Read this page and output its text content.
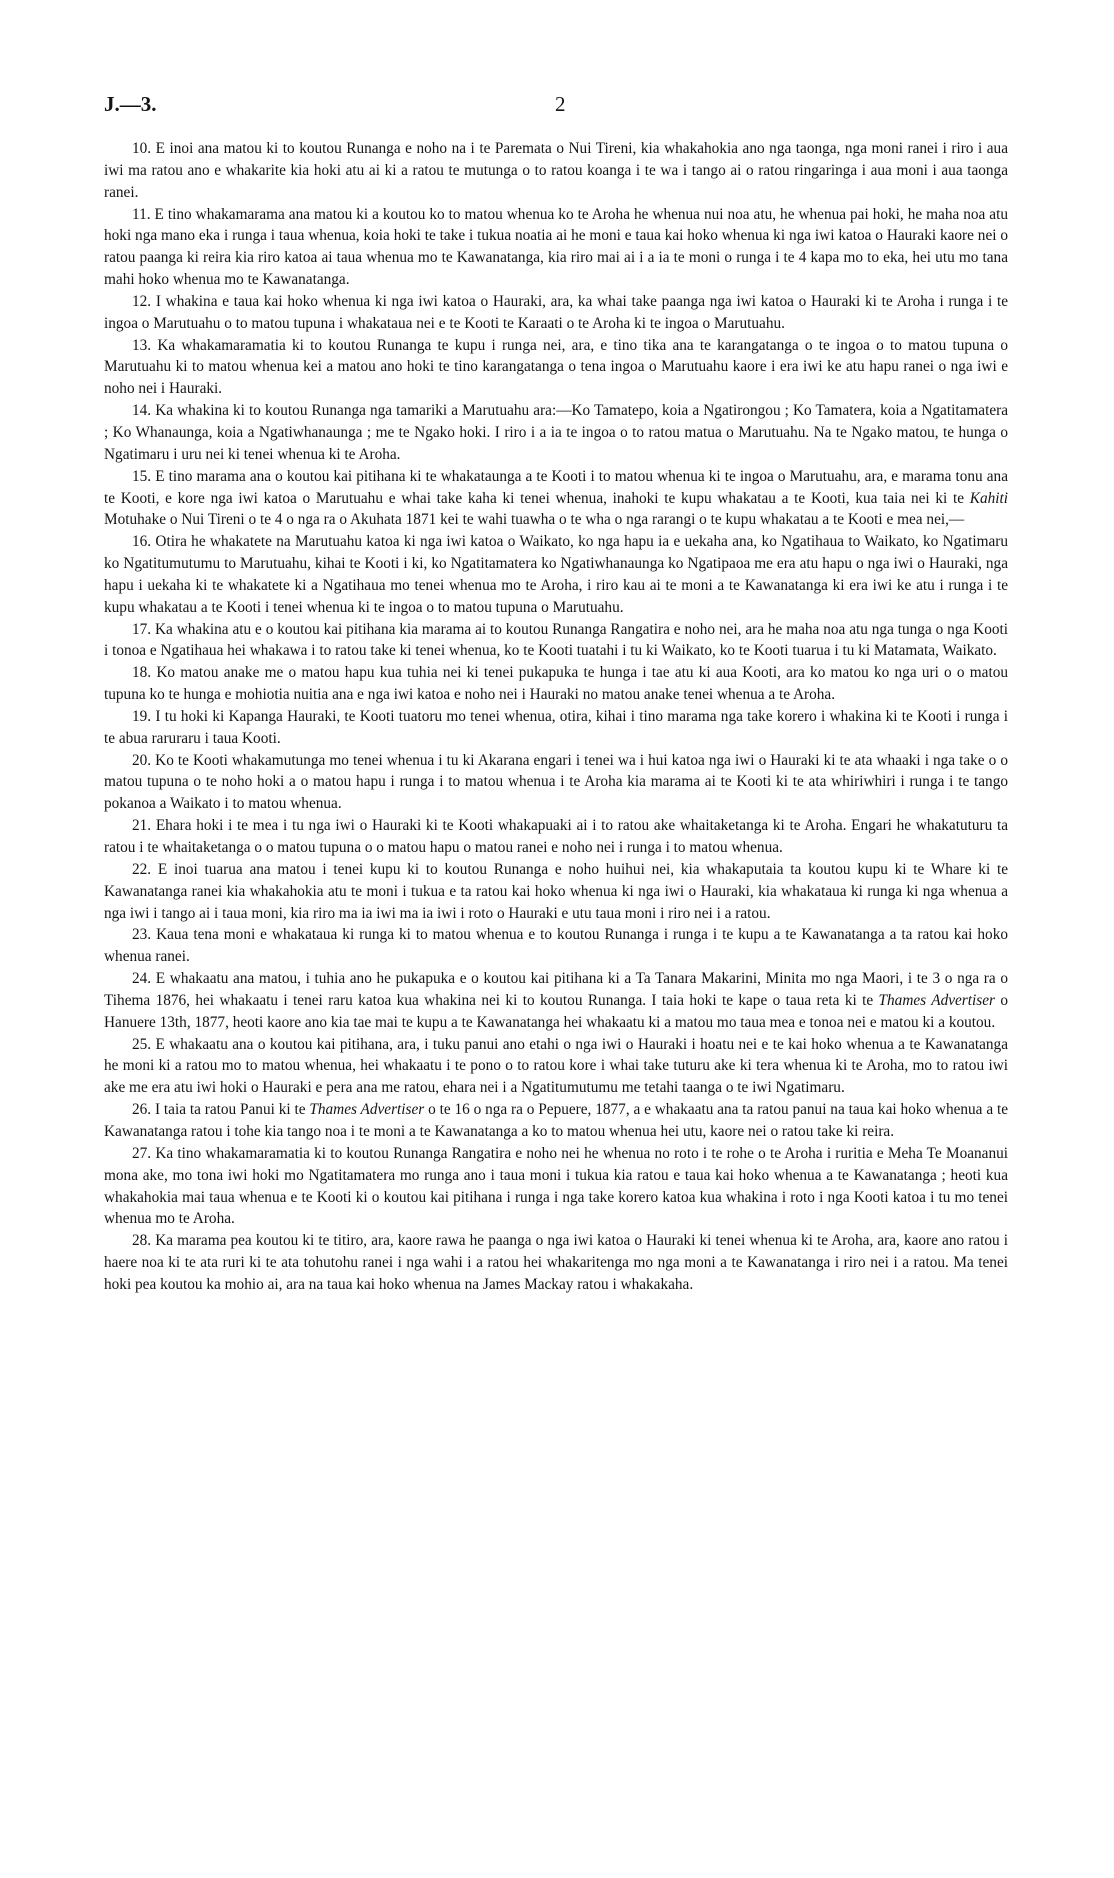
J.—3.	2

10. E inoi ana matou ki to koutou Runanga e noho na i te Paremata o Nui Tireni, kia whakahokia ano nga taonga, nga moni ranei i riro i aua iwi ma ratou ano e whakarite kia hoki atu ai ki a ratou te mutunga o to ratou koanga i te wa i tango ai o ratou ringaringa i aua moni i aua taonga ranei.

11. E tino whakamarama ana matou ki a koutou ko to matou whenua ko te Aroha he whenua nui noa atu, he whenua pai hoki, he maha noa atu hoki nga mano eka i runga i taua whenua, koia hoki te take i tukua noatia ai he moni e taua kai hoko whenua ki nga iwi katoa o Hauraki kaore nei o ratou paanga ki reira kia riro katoa ai taua whenua mo te Kawanatanga, kia riro mai ai i a ia te moni o runga i te 4 kapa mo to eka, hei utu mo tana mahi hoko whenua mo te Kawanatanga.

12. I whakina e taua kai hoko whenua ki nga iwi katoa o Hauraki, ara, ka whai take paanga nga iwi katoa o Hauraki ki te Aroha i runga i te ingoa o Marutuahu o to matou tupuna i whakataua nei e te Kooti te Karaati o te Aroha ki te ingoa o Marutuahu.

13. Ka whakamaramatia ki to koutou Runanga te kupu i runga nei, ara, e tino tika ana te karangatanga o te ingoa o to matou tupuna o Marutuahu ki to matou whenua kei a matou ano hoki te tino karangatanga o tena ingoa o Marutuahu kaore i era iwi ke atu hapu ranei o nga iwi e noho nei i Hauraki.

14. Ka whakina ki to koutou Runanga nga tamariki a Marutuahu ara:—Ko Tamatepo, koia a Ngatirongou ; Ko Tamatera, koia a Ngatitamatera ; Ko Whanaunga, koia a Ngatiwhanaunga ; me te Ngako hoki. I riro i a ia te ingoa o to ratou matua o Marutuahu. Na te Ngako matou, te hunga o Ngatimaru i uru nei ki tenei whenua ki te Aroha.

15. E tino marama ana o koutou kai pitihana ki te whakataunga a te Kooti i to matou whenua ki te ingoa o Marutuahu, ara, e marama tonu ana te Kooti, e kore nga iwi katoa o Marutuahu e whai take kaha ki tenei whenua, inahoki te kupu whakatau a te Kooti, kua taia nei ki te Kahiti Motuhake o Nui Tireni o te 4 o nga ra o Akuhata 1871 kei te wahi tuawha o te wha o nga rarangi o te kupu whakatau a te Kooti e mea nei,—

16. Otira he whakatete na Marutuahu katoa ki nga iwi katoa o Waikato, ko nga hapu ia e uekaha ana, ko Ngatihaua to Waikato, ko Ngatimaru ko Ngatitumutumu to Marutuahu, kihai te Kooti i ki, ko Ngatitamatera ko Ngatiwhanaunga ko Ngatipaoa me era atu hapu o nga iwi o Hauraki, nga hapu i uekaha ki te whakatete ki a Ngatihaua mo tenei whenua mo te Aroha, i riro kau ai te moni a te Kawanatanga ki era iwi ke atu i runga i te kupu whakatau a te Kooti i tenei whenua ki te ingoa o to matou tupuna o Marutuahu.

17. Ka whakina atu e o koutou kai pitihana kia marama ai to koutou Runanga Rangatira e noho nei, ara he maha noa atu nga tunga o nga Kooti i tonoa e Ngatihaua hei whakawa i to ratou take ki tenei whenua, ko te Kooti tuatahi i tu ki Waikato, ko te Kooti tuarua i tu ki Matamata, Waikato.

18. Ko matou anake me o matou hapu kua tuhia nei ki tenei pukapuka te hunga i tae atu ki aua Kooti, ara ko matou ko nga uri o o matou tupuna ko te hunga e mohiotia nuitia ana e nga iwi katoa e noho nei i Hauraki no matou anake tenei whenua a te Aroha.

19. I tu hoki ki Kapanga Hauraki, te Kooti tuatoru mo tenei whenua, otira, kihai i tino marama nga take korero i whakina ki te Kooti i runga i te abua raruraru i taua Kooti.

20. Ko te Kooti whakamutunga mo tenei whenua i tu ki Akarana engari i tenei wa i hui katoa nga iwi o Hauraki ki te ata whaaki i nga take o o matou tupuna o te noho hoki a o matou hapu i runga i to matou whenua i te Aroha kia marama ai te Kooti ki te ata whiriwhiri i runga i te tango pokanoa a Waikato i to matou whenua.

21. Ehara hoki i te mea i tu nga iwi o Hauraki ki te Kooti whakapuaki ai i to ratou ake whaitaketanga ki te Aroha. Engari he whakatuturu ta ratou i te whaitaketanga o o matou tupuna o o matou hapu o matou ranei e noho nei i runga i to matou whenua.

22. E inoi tuarua ana matou i tenei kupu ki to koutou Runanga e noho huihui nei, kia whakaputaia ta koutou kupu ki te Whare ki te Kawanatanga ranei kia whakahokia atu te moni i tukua e ta ratou kai hoko whenua ki nga iwi o Hauraki, kia whakataua ki runga ki nga whenua a nga iwi i tango ai i taua moni, kia riro ma ia iwi ma ia iwi i roto o Hauraki e utu taua moni i riro nei i a ratou.

23. Kaua tena moni e whakataua ki runga ki to matou whenua e to koutou Runanga i runga i te kupu a te Kawanatanga a ta ratou kai hoko whenua ranei.

24. E whakaatu ana matou, i tuhia ano he pukapuka e o koutou kai pitihana ki a Ta Tanara Makarini, Minita mo nga Maori, i te 3 o nga ra o Tihema 1876, hei whakaatu i tenei raru katoa kua whakina nei ki to koutou Runanga. I taia hoki te kape o taua reta ki te Thames Advertiser o Hanuere 13th, 1877, heoti kaore ano kia tae mai te kupu a te Kawanatanga hei whakaatu ki a matou mo taua mea e tonoa nei e matou ki a koutou.

25. E whakaatu ana o koutou kai pitihana, ara, i tuku panui ano etahi o nga iwi o Hauraki i hoatu nei e te kai hoko whenua a te Kawanatanga he moni ki a ratou mo to matou whenua, hei whakaatu i te pono o to ratou kore i whai take tuturu ake ki tera whenua ki te Aroha, mo to ratou iwi ake me era atu iwi hoki o Hauraki e pera ana me ratou, ehara nei i a Ngatitumutumu me tetahi taanga o te iwi Ngatimaru.

26. I taia ta ratou Panui ki te Thames Advertiser o te 16 o nga ra o Pepuere, 1877, a e whakaatu ana ta ratou panui na taua kai hoko whenua a te Kawanatanga ratou i tohe kia tango noa i te moni a te Kawanatanga a ko to matou whenua hei utu, kaore nei o ratou take ki reira.

27. Ka tino whakamaramatia ki to koutou Runanga Rangatira e noho nei he whenua no roto i te rohe o te Aroha i ruritia e Meha Te Moananui mona ake, mo tona iwi hoki mo Ngatitamatera mo runga ano i taua moni i tukua kia ratou e taua kai hoko whenua a te Kawanatanga ; heoti kua whakahokia mai taua whenua e te Kooti ki o koutou kai pitihana i runga i nga take korero katoa kua whakina i roto i nga Kooti katoa i tu mo tenei whenua mo te Aroha.

28. Ka marama pea koutou ki te titiro, ara, kaore rawa he paanga o nga iwi katoa o Hauraki ki tenei whenua ki te Aroha, ara, kaore ano ratou i haere noa ki te ata ruri ki te ata tohutohu ranei i nga wahi i a ratou hei whakaritenga mo nga moni a te Kawanatanga i riro nei i a ratou. Ma tenei hoki pea koutou ka mohio ai, ara na taua kai hoko whenua na James Mackay ratou i whakakaha.
